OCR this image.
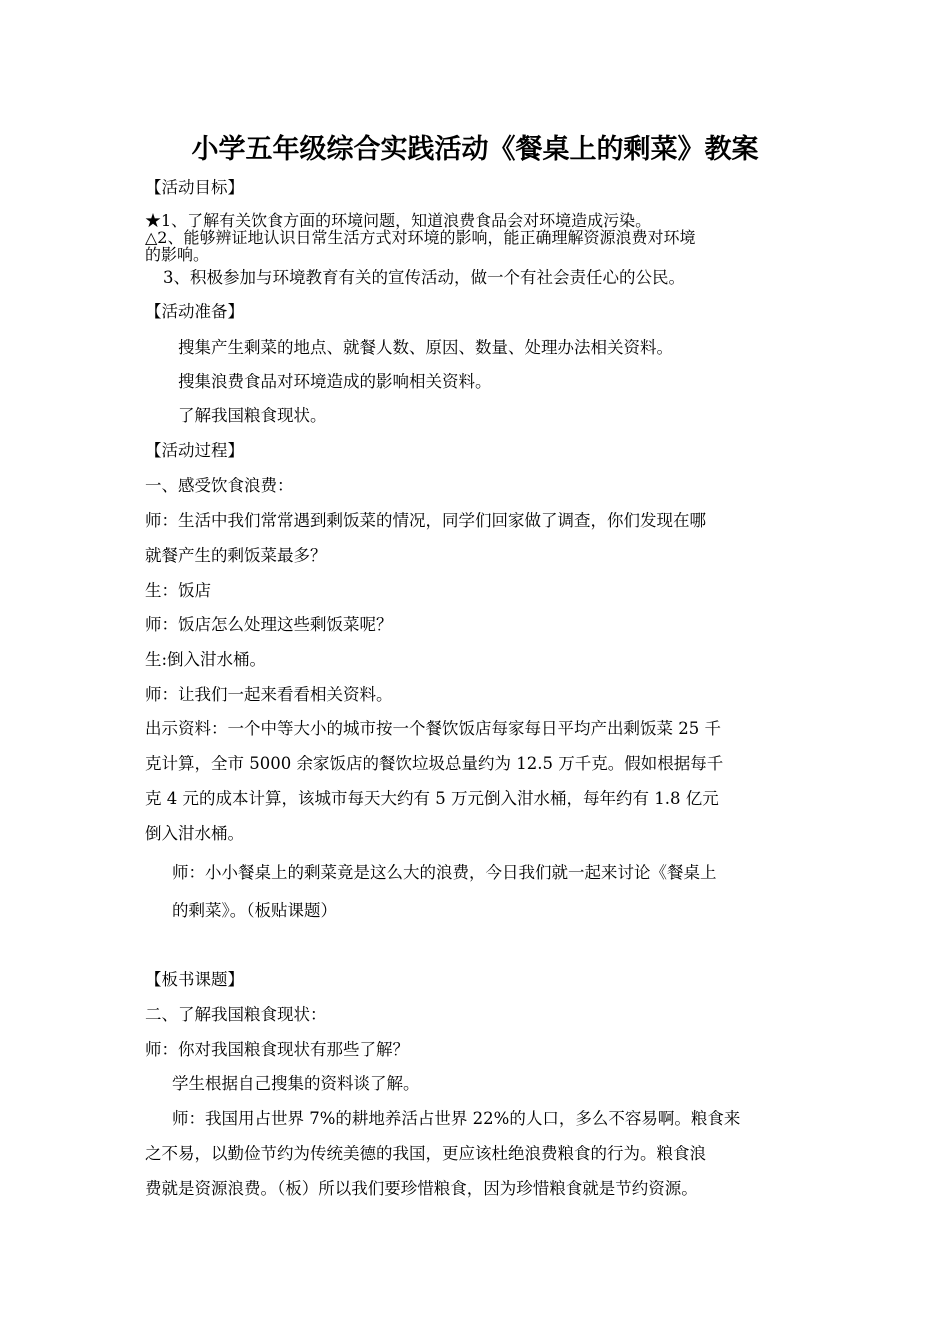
小学五年级综合实践活动《餐桌上的剩菜》教案
【活动目标】
★1、了解有关饮食方面的环境问题，知道浪费食品会对环境造成污染。
△2、能够辨证地认识日常生活方式对环境的影响，能正确理解资源浪费对环境
的影响。
3、积极参加与环境教育有关的宣传活动，做一个有社会责任心的公民。
【活动准备】
搜集产生剩菜的地点、就餐人数、原因、数量、处理办法相关资料。
搜集浪费食品对环境造成的影响相关资料。
了解我国粮食现状。
【活动过程】
一、感受饮食浪费：
师：生活中我们常常遇到剩饭菜的情况，同学们回家做了调查，你们发现在哪
就餐产生的剩饭菜最多？
生：饭店
师：饭店怎么处理这些剩饭菜呢？
生:倒入泔水桶。
师：让我们一起来看看相关资料。
出示资料：一个中等大小的城市按一个餐饮饭店每家每日平均产出剩饭菜 25 千
克计算，全市 5000 余家饭店的餐饮垃圾总量约为 12.5 万千克。假如根据每千
克 4 元的成本计算，该城市每天大约有 5 万元倒入泔水桶，每年约有 1.8 亿元
倒入泔水桶。
师：小小餐桌上的剩菜竟是这么大的浪费，今日我们就一起来讨论《餐桌上
的剩菜》。（板贴课题）
【板书课题】
二、了解我国粮食现状：
师：你对我国粮食现状有那些了解？
学生根据自己搜集的资料谈了解。
师：我国用占世界 7%的耕地养活占世界 22%的人口，多么不容易啊。粮食来
之不易，以勤俭节约为传统美德的我国，更应该杜绝浪费粮食的行为。粮食浪
费就是资源浪费。（板）所以我们要珍惜粮食，因为珍惜粮食就是节约资源。
